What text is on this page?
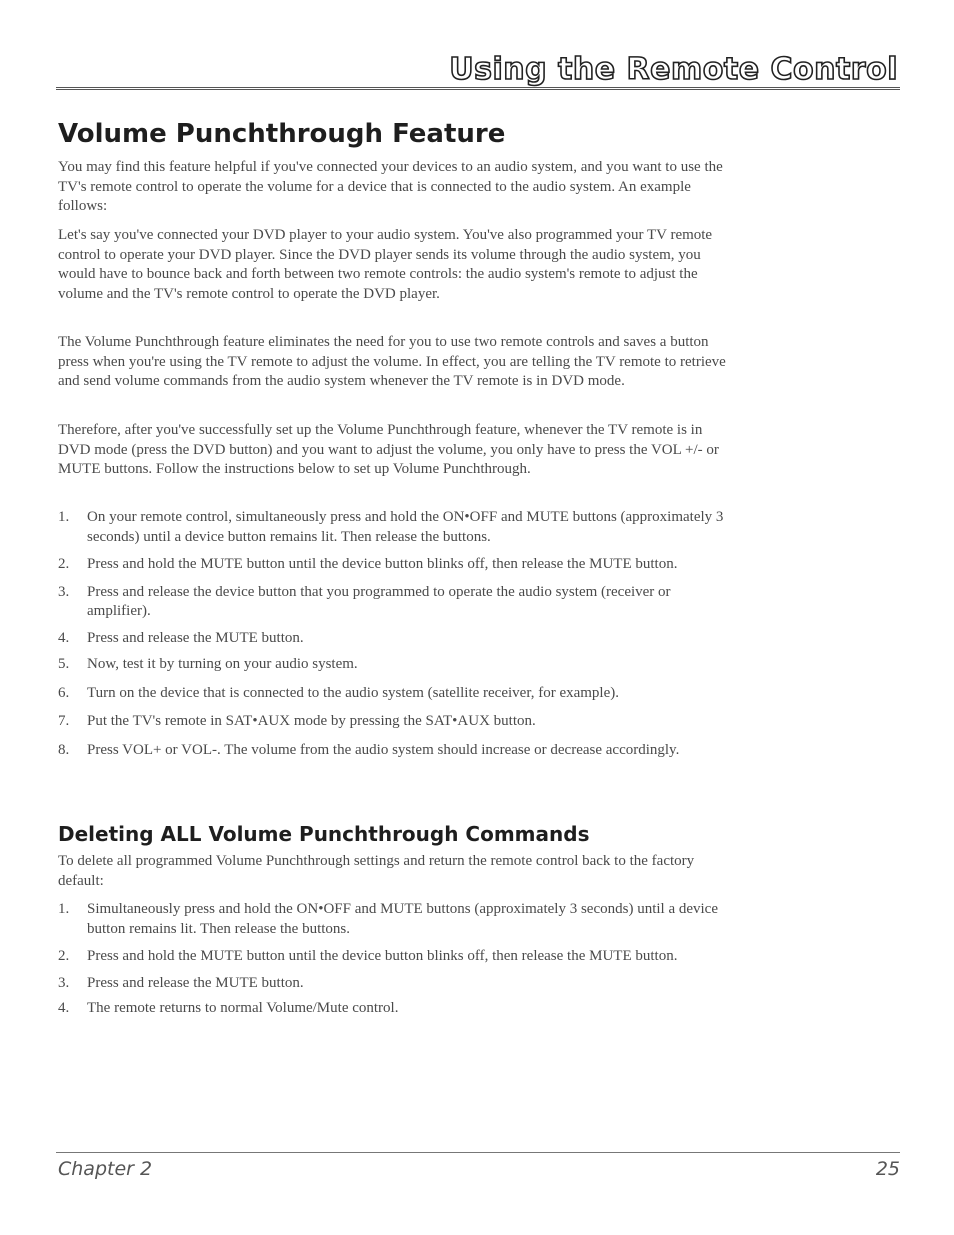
Using the Remote Control
Volume Punchthrough Feature

You may find this feature helpful if you've connected your devices to an audio system, and you want to use the TV's remote control to operate the volume for a device that is connected to the audio system. An example follows:

Let's say you've connected your DVD player to your audio system. You've also programmed your TV remote control to operate your DVD player. Since the DVD player sends its volume through the audio system, you would have to bounce back and forth between two remote controls: the audio system's remote to adjust the volume and the TV's remote control to operate the DVD player.

The Volume Punchthrough feature eliminates the need for you to use two remote controls and saves a button press when you're using the TV remote to adjust the volume. In effect, you are telling the TV remote to retrieve and send volume commands from the audio system whenever the TV remote is in DVD mode.

Therefore, after you've successfully set up the Volume Punchthrough feature, whenever the TV remote is in DVD mode (press the DVD button) and you want to adjust the volume, you only have to press the VOL +/- or MUTE buttons. Follow the instructions below to set up Volume Punchthrough.

1. On your remote control, simultaneously press and hold the ON•OFF and MUTE buttons (approximately 3 seconds) until a device button remains lit. Then release the buttons.
2. Press and hold the MUTE button until the device button blinks off, then release the MUTE button.
3. Press and release the device button that you programmed to operate the audio system (receiver or amplifier).
4. Press and release the MUTE button.
5. Now, test it by turning on your audio system.
6. Turn on the device that is connected to the audio system (satellite receiver, for example).
7. Put the TV's remote in SAT•AUX mode by pressing the SAT•AUX button.
8. Press VOL+ or VOL-. The volume from the audio system should increase or decrease accordingly.
Deleting ALL Volume Punchthrough Commands

To delete all programmed Volume Punchthrough settings and return the remote control back to the factory default:

1. Simultaneously press and hold the ON•OFF and MUTE buttons (approximately 3 seconds) until a device button remains lit. Then release the buttons.
2. Press and hold the MUTE button until the device button blinks off, then release the MUTE button.
3. Press and release the MUTE button.
4. The remote returns to normal Volume/Mute control.
Chapter 2	25
